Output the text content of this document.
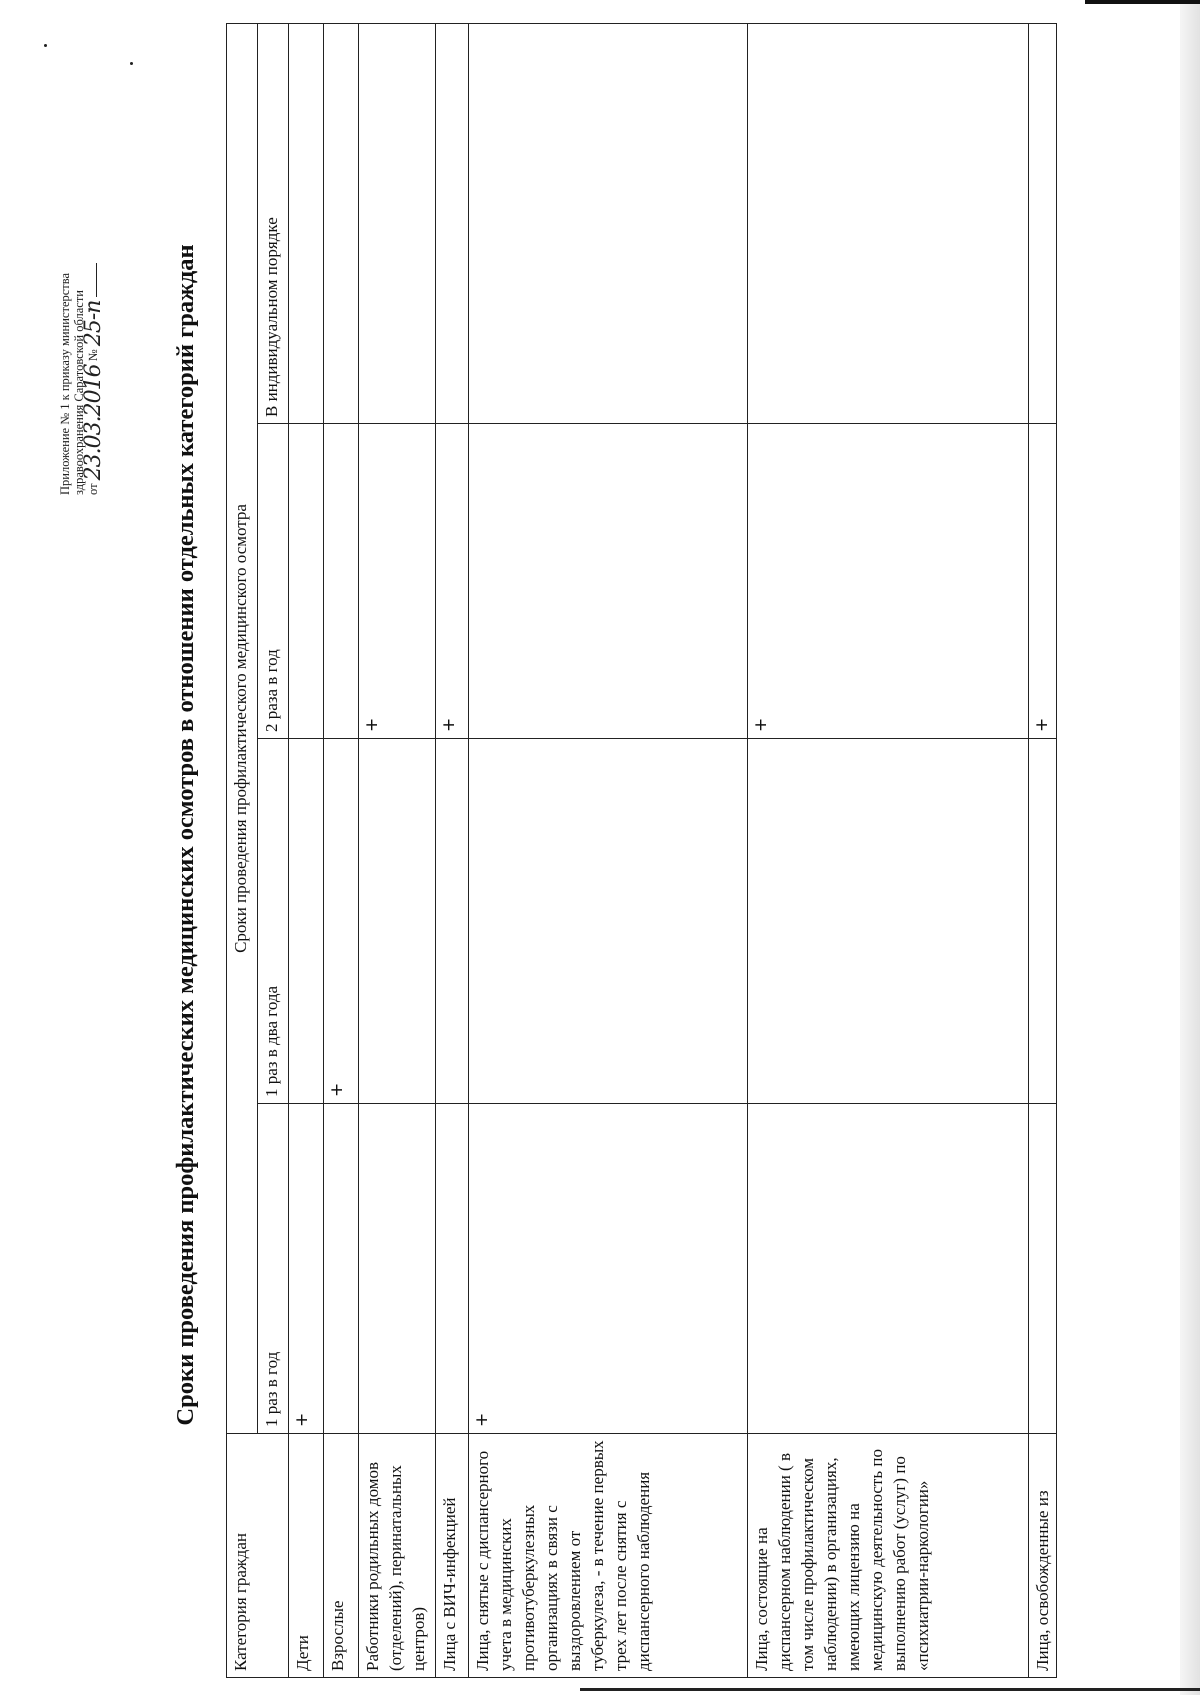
Приложение № 1 к приказу министерства здравоохранения Саратовской области от 23.03.2016 № 25-п	Сроки проведения профилактических медицинских осмотров в отношении отдельных категорий граждан
Категория граждан	Сроки проведения профилактического медицинского осмотра			
	1 раз в год	1 раз в два года	2 раза в год	В индивидуальном порядке
Дети	+			
Взрослые		+		
Работники родильных домов (отделений), перинатальных центров)			+	
Лица с ВИЧ-инфекцией			+	
Лица, снятые с диспансерного учета в медицинских противотуберкулезных организациях в связи с выздоровлением от туберкулеза, - в течение первых трех лет после снятия с диспансерного наблюдения	+			
Лица, состоящие на диспансерном наблюдении ( в том числе профилактическом наблюдении) в организациях, имеющих лицензию на медицинскую деятельность по выполнению работ (услуг) по «психиатрии-наркологии»			+	
Лица, освобожденные из			+	
